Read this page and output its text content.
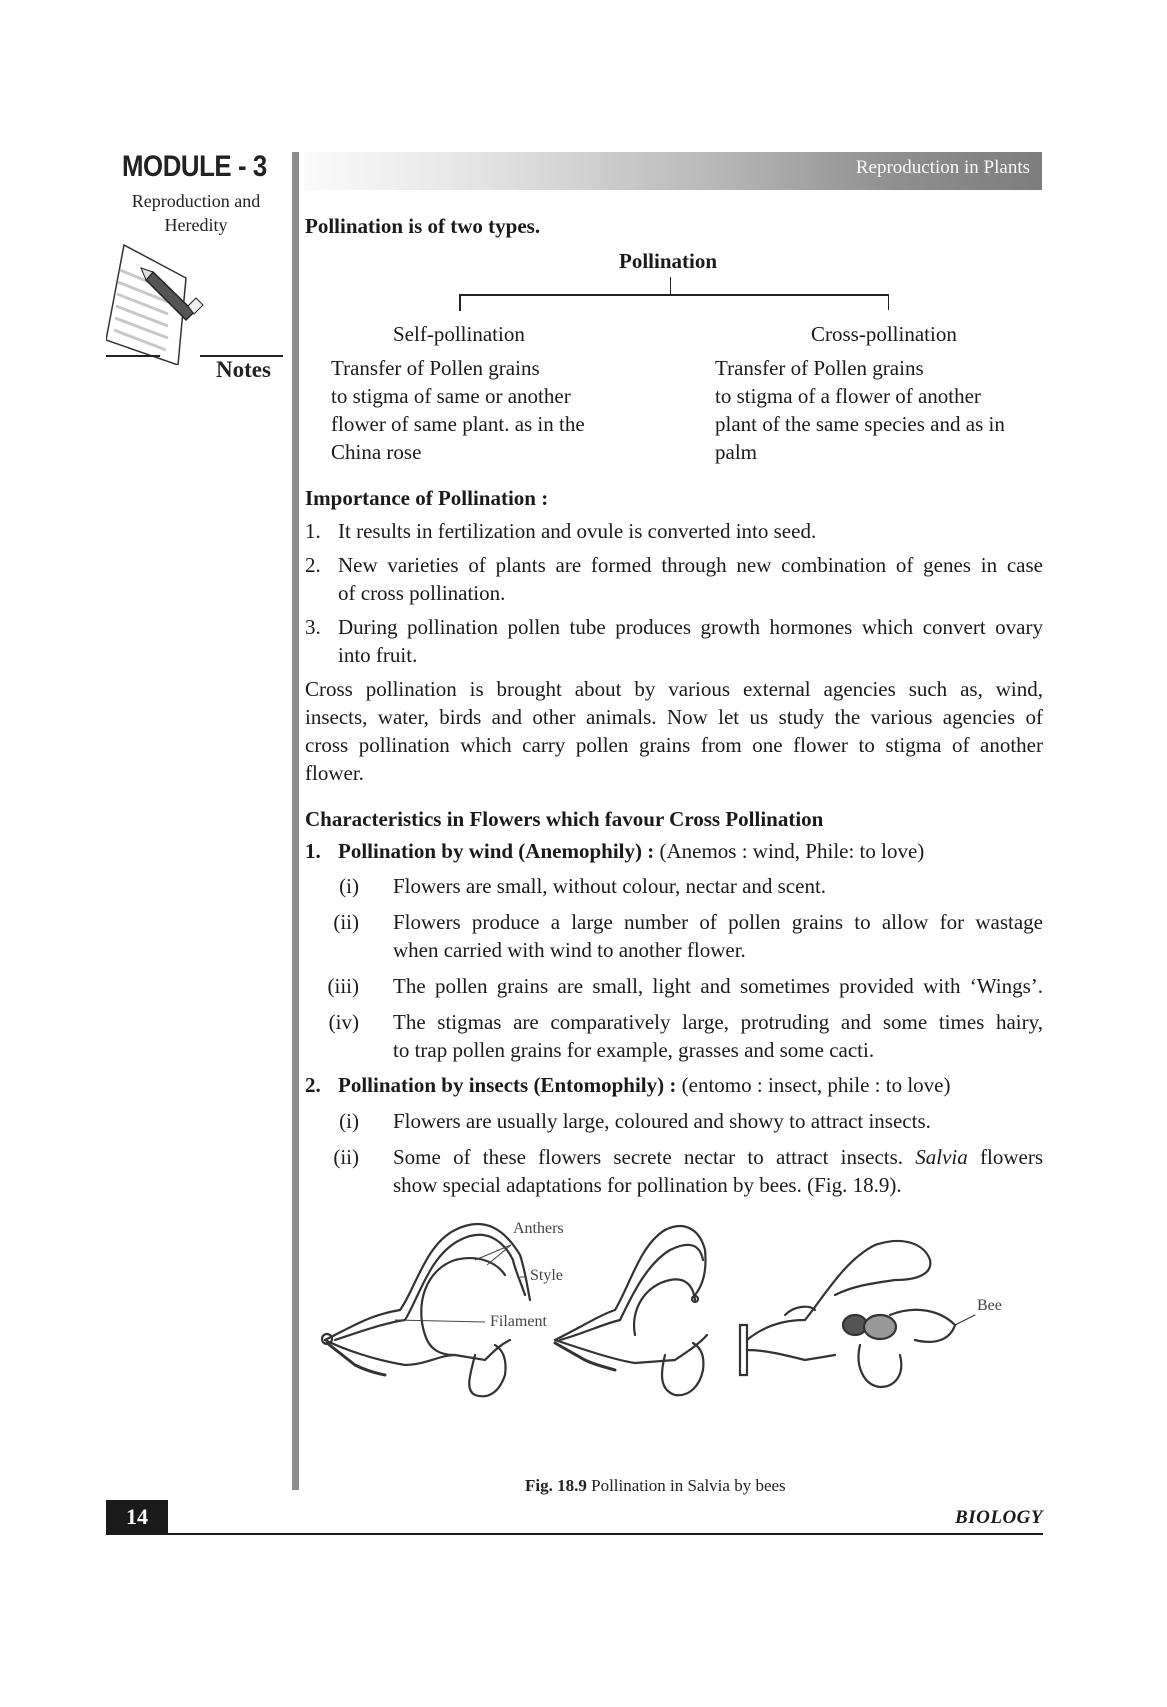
MODULE - 3
Reproduction and
Heredity
Notes
Reproduction in Plants
Pollination is of two types.
Pollination
Self-pollination
Transfer of Pollen grains
to stigma of same or another
flower of same plant. as in the
China rose
Cross-pollination
Transfer of Pollen grains
to stigma of a flower of another
plant of the same species and as in
palm
Importance of Pollination :
1. It results in fertilization and ovule is converted into seed.
2. New varieties of plants are formed through new combination of genes in case
of cross pollination.
3. During pollination pollen tube produces growth hormones which convert ovary
into fruit.
Cross pollination is brought about by various external agencies such as, wind,
insects, water, birds and other animals. Now let us study the various agencies of
cross pollination which carry pollen grains from one flower to stigma of another
flower.
Characteristics in Flowers which favour Cross Pollination
1. Pollination by wind (Anemophily) : (Anemos : wind, Phile: to love)
(i) Flowers are small, without colour, nectar and scent.
(ii) Flowers produce a large number of pollen grains to allow for wastage
when carried with wind to another flower.
(iii) The pollen grains are small, light and sometimes provided with ‘Wings’.
(iv) The stigmas are comparatively large, protruding and some times hairy,
to trap pollen grains for example, grasses and some cacti.
2. Pollination by insects (Entomophily) : (entomo : insect, phile : to love)
(i) Flowers are usually large, coloured and showy to attract insects.
(ii) Some of these flowers secrete nectar to attract insects. Salvia flowers
show special adaptations for pollination by bees. (Fig. 18.9).
Anthers
Style
Filament
Bee
Fig. 18.9 Pollination in Salvia by bees
14	BIOLOGY
